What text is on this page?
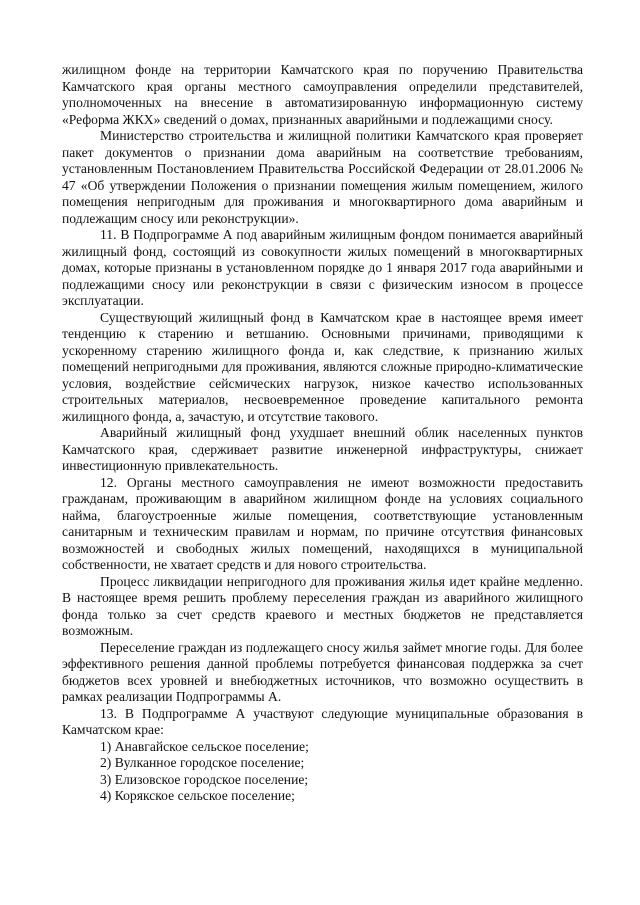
жилищном фонде на территории Камчатского края по поручению Правительства Камчатского края органы местного самоуправления определили представителей, уполномоченных на внесение в автоматизированную информационную систему «Реформа ЖКХ» сведений о домах, признанных аварийными и подлежащими сносу.

Министерство строительства и жилищной политики Камчатского края проверяет пакет документов о признании дома аварийным на соответствие требованиям, установленным Постановлением Правительства Российской Федерации от 28.01.2006 № 47 «Об утверждении Положения о признании помещения жилым помещением, жилого помещения непригодным для проживания и многоквартирного дома аварийным и подлежащим сносу или реконструкции».

11. В Подпрограмме А под аварийным жилищным фондом понимается аварийный жилищный фонд, состоящий из совокупности жилых помещений в многоквартирных домах, которые признаны в установленном порядке до 1 января 2017 года аварийными и подлежащими сносу или реконструкции в связи с физическим износом в процессе эксплуатации.

Существующий жилищный фонд в Камчатском крае в настоящее время имеет тенденцию к старению и ветшанию. Основными причинами, приводящими к ускоренному старению жилищного фонда и, как следствие, к признанию жилых помещений непригодными для проживания, являются сложные природно-климатические условия, воздействие сейсмических нагрузок, низкое качество использованных строительных материалов, несвоевременное проведение капитального ремонта жилищного фонда, а, зачастую, и отсутствие такового.

Аварийный жилищный фонд ухудшает внешний облик населенных пунктов Камчатского края, сдерживает развитие инженерной инфраструктуры, снижает инвестиционную привлекательность.

12. Органы местного самоуправления не имеют возможности предоставить гражданам, проживающим в аварийном жилищном фонде на условиях социального найма, благоустроенные жилые помещения, соответствующие установленным санитарным и техническим правилам и нормам, по причине отсутствия финансовых возможностей и свободных жилых помещений, находящихся в муниципальной собственности, не хватает средств и для нового строительства.

Процесс ликвидации непригодного для проживания жилья идет крайне медленно. В настоящее время решить проблему переселения граждан из аварийного жилищного фонда только за счет средств краевого и местных бюджетов не представляется возможным.

Переселение граждан из подлежащего сносу жилья займет многие годы. Для более эффективного решения данной проблемы потребуется финансовая поддержка за счет бюджетов всех уровней и внебюджетных источников, что возможно осуществить в рамках реализации Подпрограммы А.

13. В Подпрограмме А участвуют следующие муниципальные образования в Камчатском крае:

1) Анавгайское сельское поселение;

2) Вулканное городское поселение;

3) Елизовское городское поселение;

4) Корякское сельское поселение;
